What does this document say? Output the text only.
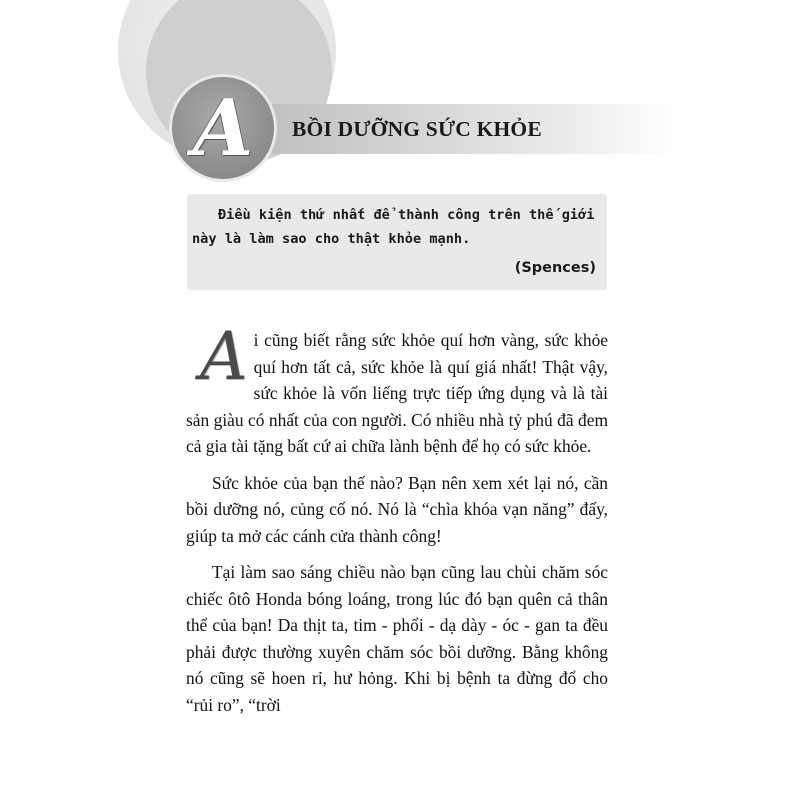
A	BỒI DƯỠNG SỨC KHỎE

Điều kiện thứ nhất để thành công trên thế giới này là làm sao cho thật khỏe mạnh.

(Spences)

Ai cũng biết rằng sức khỏe quí hơn vàng, sức khỏe quí hơn tất cả, sức khỏe là quí giá nhất! Thật vậy, sức khỏe là vốn liếng trực tiếp ứng dụng và là tài sản giàu có nhất của con người. Có nhiều nhà tỷ phú đã đem cả gia tài tặng bất cứ ai chữa lành bệnh để họ có sức khỏe.

Sức khỏe của bạn thế nào? Bạn nên xem xét lại nó, cần bồi dưỡng nó, củng cố nó. Nó là “chìa khóa vạn năng” đấy, giúp ta mở các cánh cửa thành công!

Tại làm sao sáng chiều nào bạn cũng lau chùi chăm sóc chiếc ôtô Honda bóng loáng, trong lúc đó bạn quên cả thân thể của bạn! Da thịt ta, tim - phổi - dạ dày - óc - gan ta đều phải được thường xuyên chăm sóc bồi dưỡng. Bằng không nó cũng sẽ hoen rỉ, hư hỏng. Khi bị bệnh ta đừng đổ cho “rủi ro”, “trời
